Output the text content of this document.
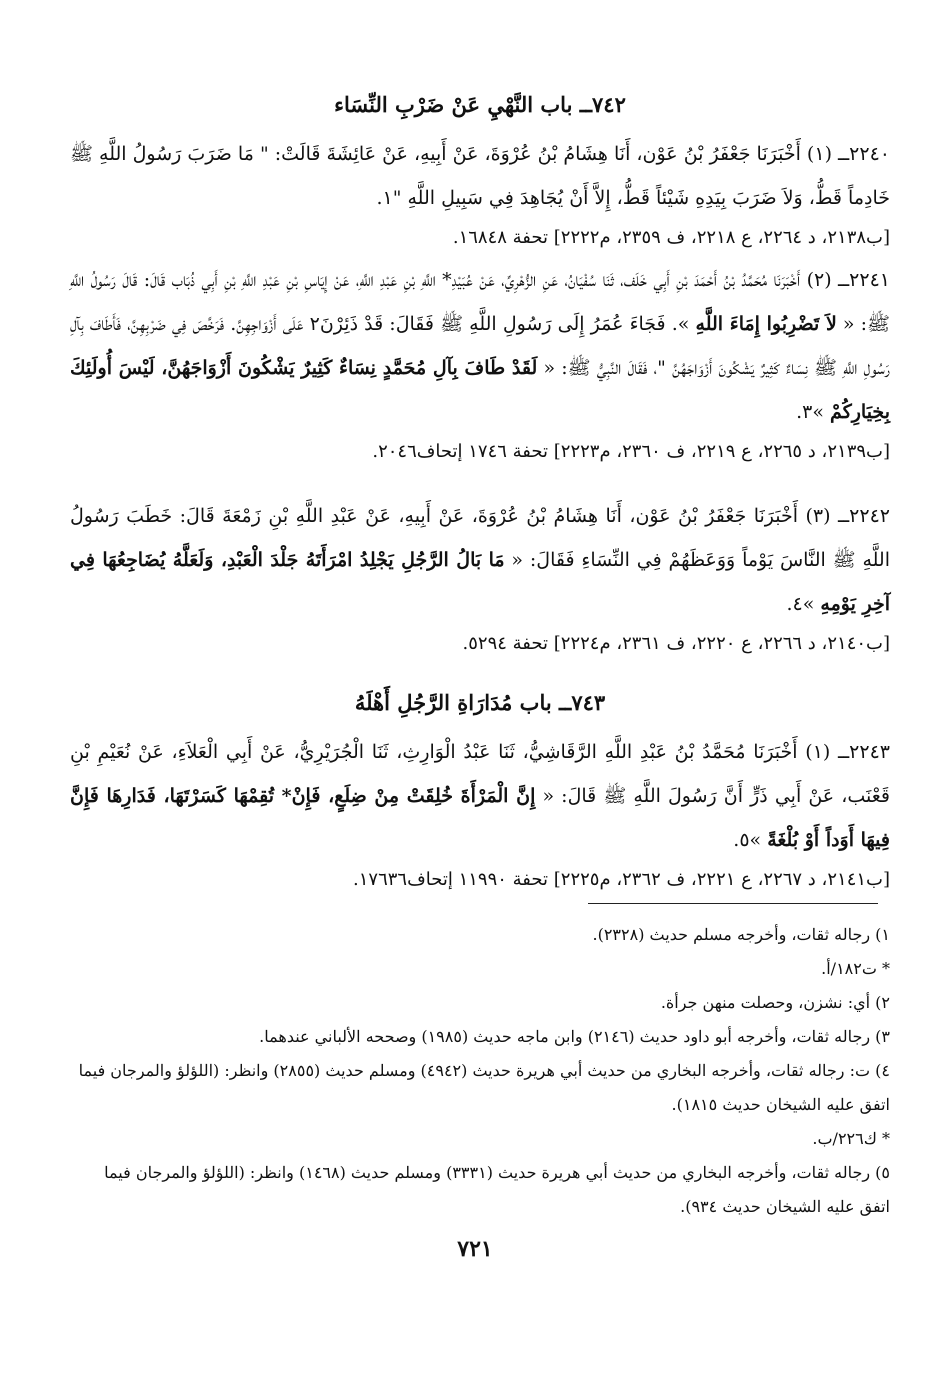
٧٤٢ــ باب النَّهْيِ عَنْ ضَرْبِ النِّسَاء

٢٢٤٠ــ (١) أَخْبَرَنَا جَعْفَرُ بْنُ عَوْن، أَنَا هِشَامُ بْنُ عُرْوَةَ، عَنْ أَبِيهِ، عَنْ عَائِشَةَ قَالَتْ: " مَا ضَرَبَ رَسُولُ اللَّهِ ﷺ خَادِماً قَطُّ، وَلاَ ضَرَبَ بِيَدِهِ شَيْئاً قَطُّ، إِلاَّ أَنْ يُجَاهِدَ فِي سَبِيلِ اللَّهِ "١.

[ب٢١٣٨، د ٢٢٦٤، ع ٢٢١٨، ف ٢٣٥٩، م٢٢٢٢] تحفة ١٦٨٤٨.

٢٢٤١ــ (٢) أَخْبَرَنَا مُحَمَّدُ بْنُ أَحْمَدَ بْنِ أَبِي خَلَف، ثَنَا سُفْيَانُ، عَنِ الزُّهْرِيِّ، عَنْ عُبَيْدِ* اللَّهِ بْنِ عَبْدِ اللَّهِ، عَنْ إِيَاسِ بْنِ عَبْدِ اللَّهِ بْنِ أَبِي ذُبَاب قَالَ: قَالَ رَسُولُ اللَّهِ ﷺ: « لاَ تَضْرِبُوا إِمَاءَ اللَّهِ ». فَجَاءَ عُمَرُ إِلَى رَسُولِ اللَّهِ ﷺ فَقَالَ: قَدْ ذَئِرْنَ٢ عَلَى أَزْوَاجِهِنَّ. فَرَخَّصَ فِي ضَرْبِهِنَّ، فَأَطَافَ بِآلِ رَسُولِ اللَّهِ ﷺ نِسَاءٌ كَثِيرٌ يَشْكُونَ أَزْوَاجَهُنَّ "، فَقَالَ النَّبِيُّ ﷺ: « لَقَدْ طَافَ بِآلِ مُحَمَّدٍ نِسَاءٌ كَثِيرٌ يَشْكُونَ أَزْوَاجَهُنَّ، لَيْسَ أُولَئِكَ بِخِيَارِكُمْ »٣.

[ب٢١٣٩، د ٢٢٦٥، ع ٢٢١٩، ف ٢٣٦٠، م٢٢٢٣] تحفة ١٧٤٦ إتحاف٢٠٤٦.

٢٢٤٢ــ (٣) أَخْبَرَنَا جَعْفَرُ بْنُ عَوْن، أَنَا هِشَامُ بْنُ عُرْوَةَ، عَنْ أَبِيهِ، عَنْ عَبْدِ اللَّهِ بْنِ زَمْعَةَ قَالَ: خَطَبَ رَسُولُ اللَّهِ ﷺ النَّاسَ يَوْماً وَوَعَظَهُمْ فِي النِّسَاءِ فَقَالَ: « مَا بَالُ الرَّجُلِ يَجْلِدُ امْرَأَتَهُ جَلْدَ الْعَبْدِ، وَلَعَلَّهُ يُضَاجِعُهَا فِي آخِرِ يَوْمِهِ »٤.

[ب٢١٤٠، د ٢٢٦٦، ع ٢٢٢٠، ف ٢٣٦١، م٢٢٢٤] تحفة ٥٢٩٤.

٧٤٣ــ باب مُدَارَاةِ الرَّجُلِ أَهْلَهُ

٢٢٤٣ــ (١) أَخْبَرَنَا مُحَمَّدُ بْنُ عَبْدِ اللَّهِ الرَّقَاشِيُّ، ثَنَا عَبْدُ الْوَارِثِ، ثَنَا الْجُرَيْرِيُّ، عَنْ أَبِي الْعَلاَءِ، عَنْ نُعَيْمِ بْنِ قَعْنَب، عَنْ أَبِي ذَرٍّ أَنَّ رَسُولَ اللَّهِ ﷺ قَالَ: « إِنَّ الْمَرْأَةَ خُلِقَتْ مِنْ ضِلَعٍ، فَإِنْ* تُقِمْهَا كَسَرْتَهَا، فَدَارِهَا فَإِنَّ فِيهَا أَوَداً أَوْ بُلْغَةً »٥.

[ب٢١٤١، د ٢٢٦٧، ع ٢٢٢١، ف ٢٣٦٢، م٢٢٢٥] تحفة ١١٩٩٠ إتحاف١٧٦٣٦.

١) رجاله ثقات، وأخرجه مسلم حديث (٢٣٢٨).

* ت١٨٢/أ.

٢) أي: نشزن، وحصلت منهن جرأة.

٣) رجاله ثقات، وأخرجه أبو داود حديث (٢١٤٦) وابن ماجه حديث (١٩٨٥) وصححه الألباني عندهما.

٤) ت: رجاله ثقات، وأخرجه البخاري من حديث أبي هريرة حديث (٤٩٤٢) ومسلم حديث (٢٨٥٥) وانظر: (اللؤلؤ والمرجان فيما اتفق عليه الشيخان حديث ١٨١٥).

* ك٢٢٦/ب.

٥) رجاله ثقات، وأخرجه البخاري من حديث أبي هريرة حديث (٣٣٣١) ومسلم حديث (١٤٦٨) وانظر: (اللؤلؤ والمرجان فيما اتفق عليه الشيخان حديث ٩٣٤).

٧٢١
